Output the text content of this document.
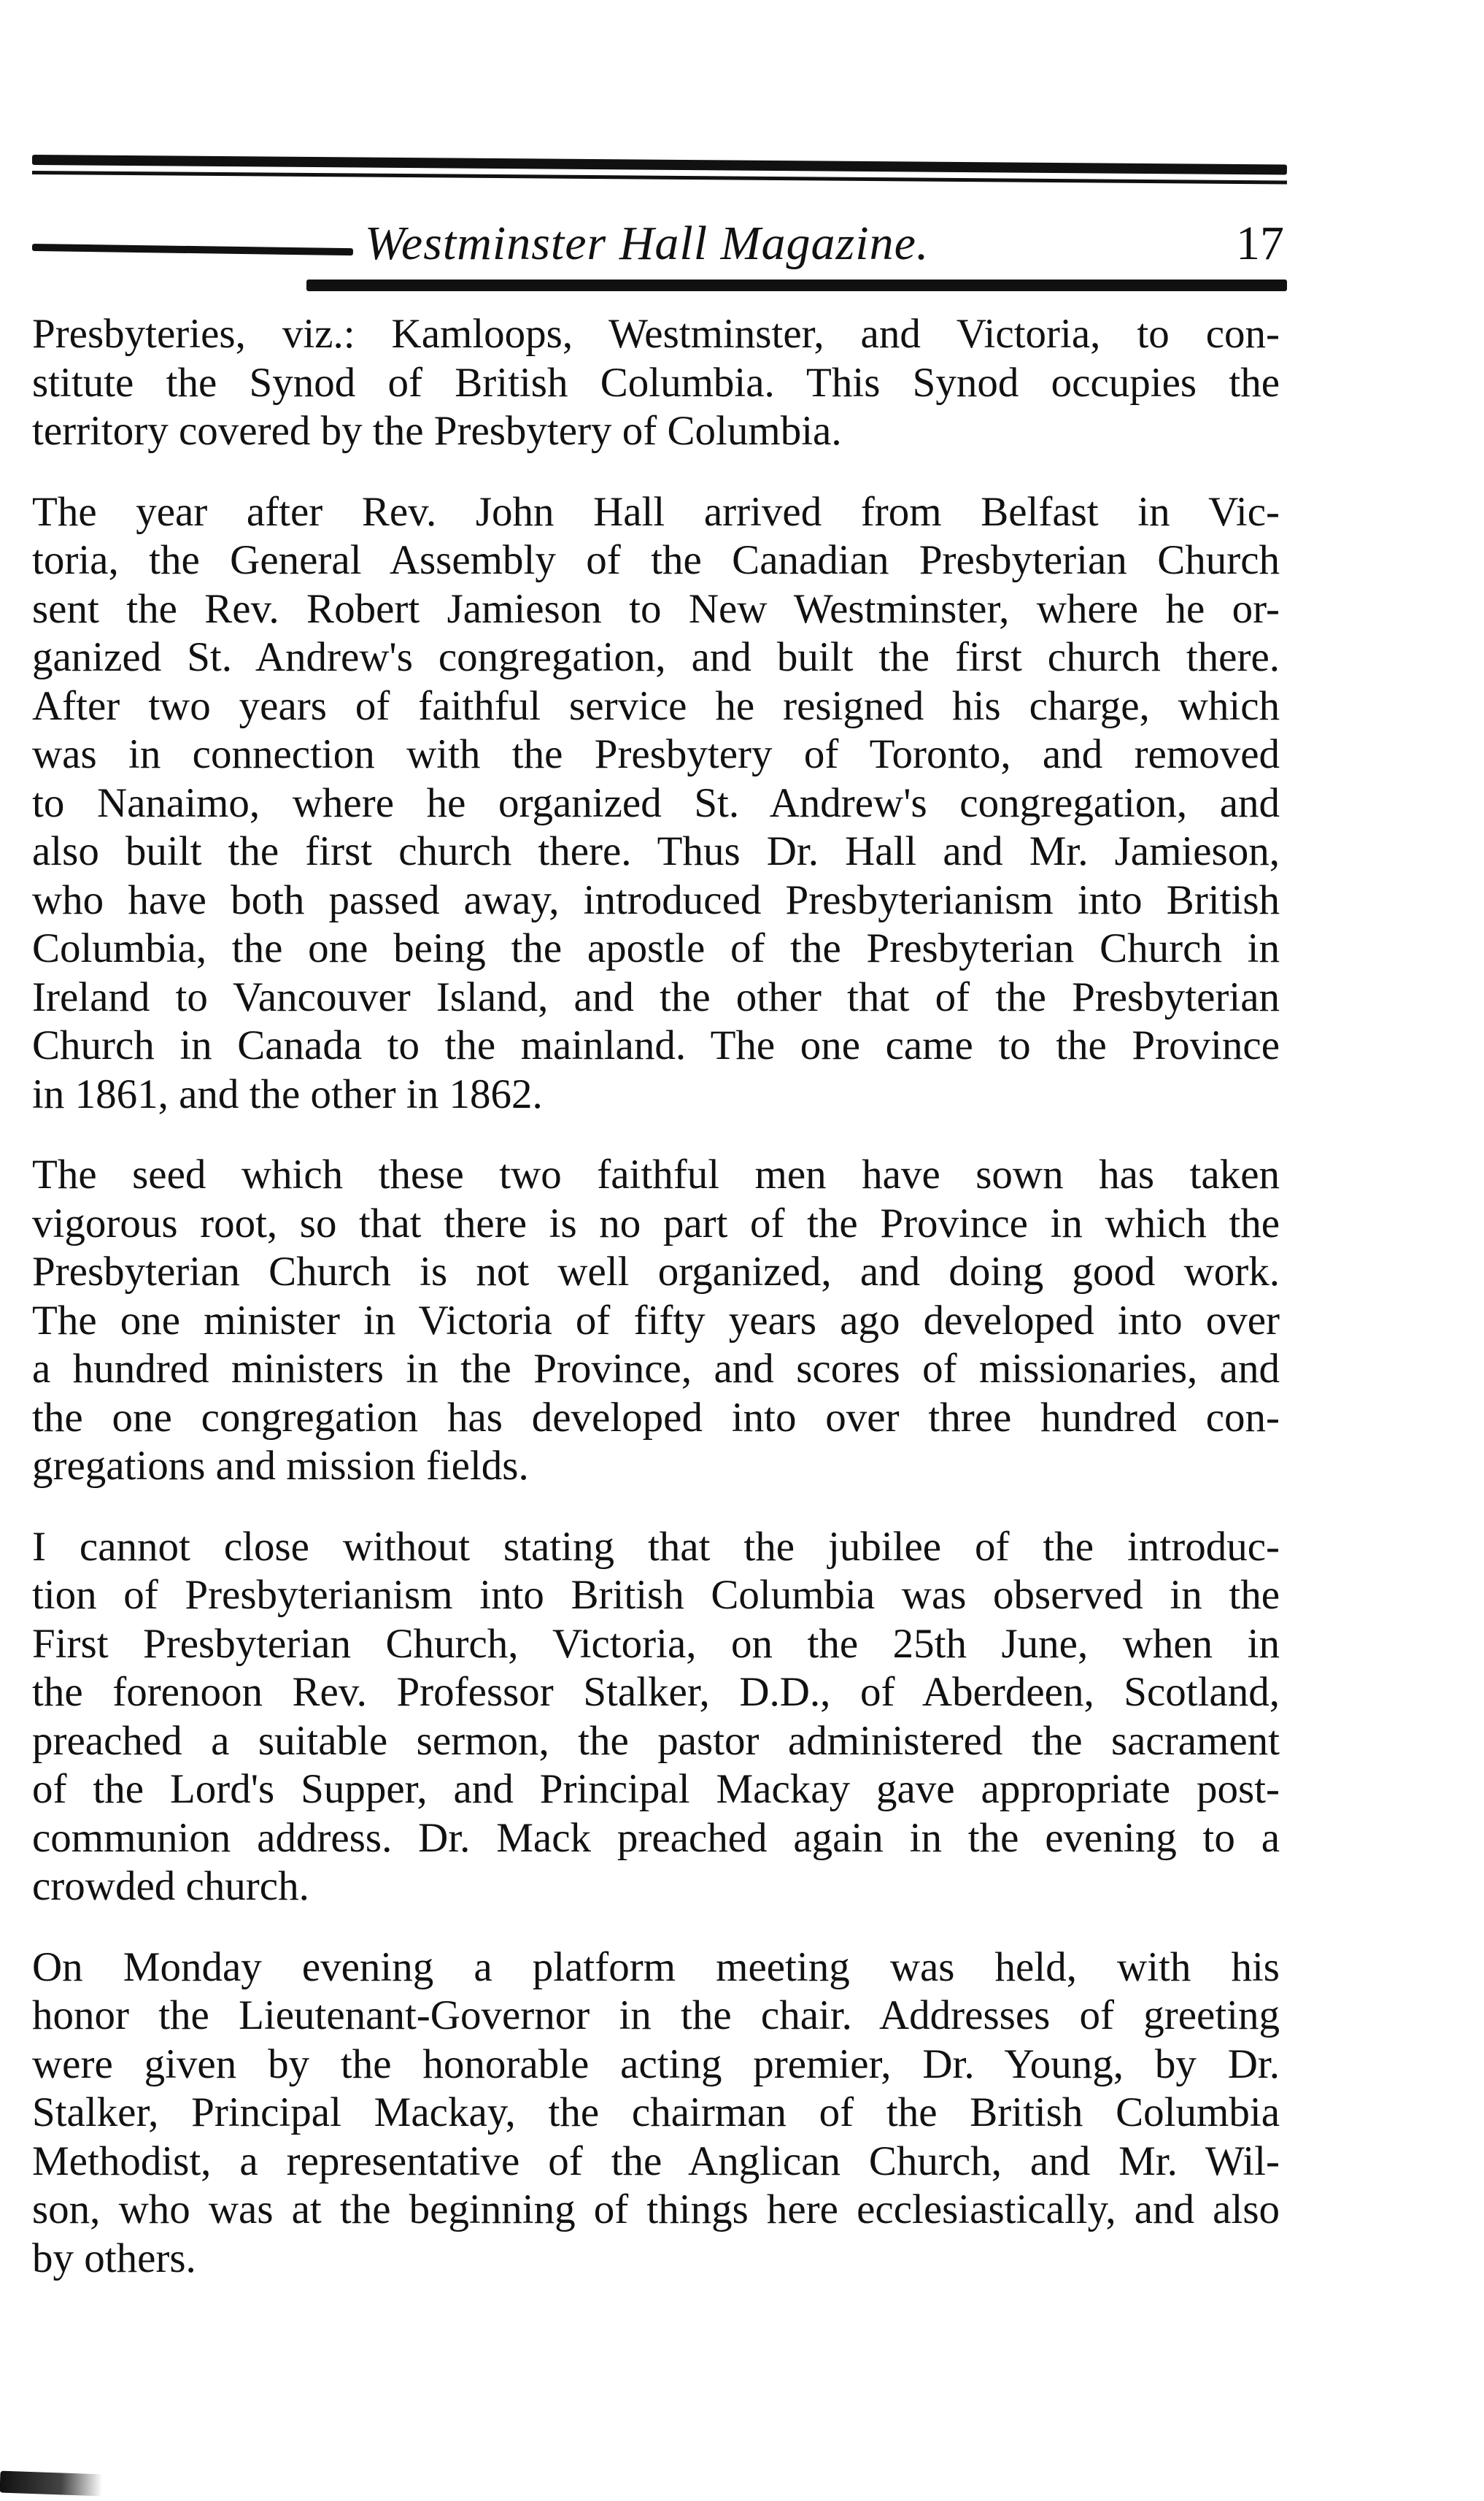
Westminster Hall Magazine.	17
Presbyteries, viz.: Kamloops, Westminster, and Victoria, to con-
stitute the Synod of British Columbia. This Synod occupies the
territory covered by the Presbytery of Columbia.
The year after Rev. John Hall arrived from Belfast in Vic-
toria, the General Assembly of the Canadian Presbyterian Church
sent the Rev. Robert Jamieson to New Westminster, where he or-
ganized St. Andrew's congregation, and built the first church there.
After two years of faithful service he resigned his charge, which
was in connection with the Presbytery of Toronto, and removed
to Nanaimo, where he organized St. Andrew's congregation, and
also built the first church there. Thus Dr. Hall and Mr. Jamieson,
who have both passed away, introduced Presbyterianism into British
Columbia, the one being the apostle of the Presbyterian Church in
Ireland to Vancouver Island, and the other that of the Presbyterian
Church in Canada to the mainland. The one came to the Province
in 1861, and the other in 1862.
The seed which these two faithful men have sown has taken
vigorous root, so that there is no part of the Province in which the
Presbyterian Church is not well organized, and doing good work.
The one minister in Victoria of fifty years ago developed into over
a hundred ministers in the Province, and scores of missionaries, and
the one congregation has developed into over three hundred con-
gregations and mission fields.
I cannot close without stating that the jubilee of the introduc-
tion of Presbyterianism into British Columbia was observed in the
First Presbyterian Church, Victoria, on the 25th June, when in
the forenoon Rev. Professor Stalker, D.D., of Aberdeen, Scotland,
preached a suitable sermon, the pastor administered the sacrament
of the Lord's Supper, and Principal Mackay gave appropriate post-
communion address. Dr. Mack preached again in the evening to a
crowded church.
On Monday evening a platform meeting was held, with his
honor the Lieutenant-Governor in the chair. Addresses of greeting
were given by the honorable acting premier, Dr. Young, by Dr.
Stalker, Principal Mackay, the chairman of the British Columbia
Methodist, a representative of the Anglican Church, and Mr. Wil-
son, who was at the beginning of things here ecclesiastically, and also
by others.
